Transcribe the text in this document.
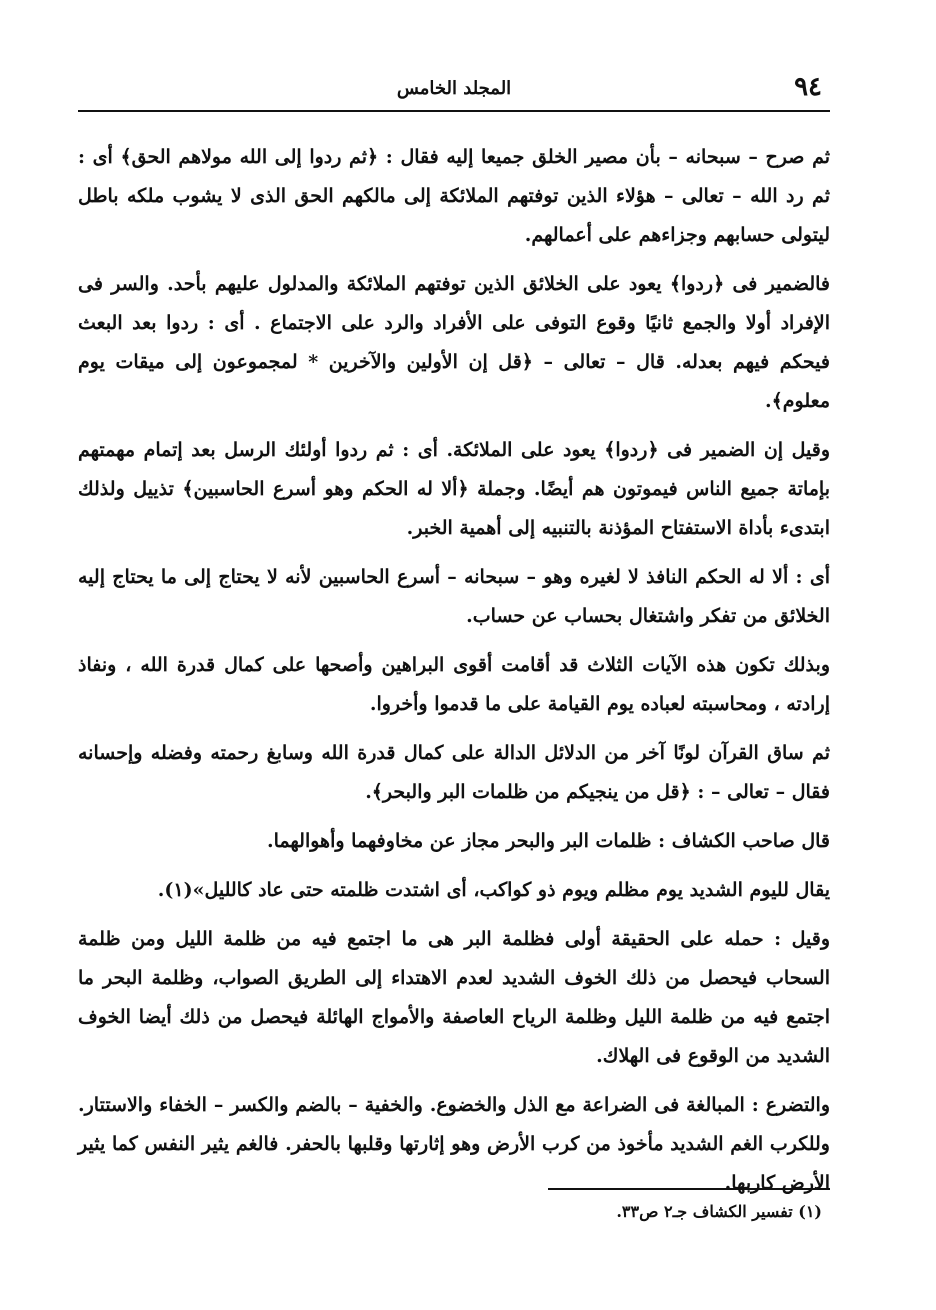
٩٤
المجلد الخامس

ثم صرح – سبحانه – بأن مصير الخلق جميعا إليه فقال : ﴿ثم ردوا إلى الله مولاهم الحق﴾ أى : ثم رد الله – تعالى – هؤلاء الذين توفتهم الملائكة إلى مالكهم الحق الذى لا يشوب ملكه باطل ليتولى حسابهم وجزاءهم على أعمالهم.

فالضمير فى ﴿ردوا﴾ يعود على الخلائق الذين توفتهم الملائكة والمدلول عليهم بأحد. والسر فى الإفراد أولا والجمع ثانيًا وقوع التوفى على الأفراد والرد على الاجتماع . أى : ردوا بعد البعث فيحكم فيهم بعدله. قال – تعالى – ﴿قل إن الأولين والآخرين * لمجموعون إلى ميقات يوم معلوم﴾.

وقيل إن الضمير فى ﴿ردوا﴾ يعود على الملائكة. أى : ثم ردوا أولئك الرسل بعد إتمام مهمتهم بإماتة جميع الناس فيموتون هم أيضًا. وجملة ﴿ألا له الحكم وهو أسرع الحاسبين﴾ تذييل ولذلك ابتدىء بأداة الاستفتاح المؤذنة بالتنبيه إلى أهمية الخبر.

أى : ألا له الحكم النافذ لا لغيره وهو – سبحانه – أسرع الحاسبين لأنه لا يحتاج إلى ما يحتاج إليه الخلائق من تفكر واشتغال بحساب عن حساب.

وبذلك تكون هذه الآيات الثلاث قد أقامت أقوى البراهين وأصحها على كمال قدرة الله ، ونفاذ إرادته ، ومحاسبته لعباده يوم القيامة على ما قدموا وأخروا.

ثم ساق القرآن لونًا آخر من الدلائل الدالة على كمال قدرة الله وسابغ رحمته وفضله وإحسانه فقال – تعالى – : ﴿قل من ينجيكم من ظلمات البر والبحر﴾.

قال صاحب الكشاف : ظلمات البر والبحر مجاز عن مخاوفهما وأهوالهما.

يقال لليوم الشديد يوم مظلم ويوم ذو كواكب، أى اشتدت ظلمته حتى عاد كالليل»(١).

وقيل : حمله على الحقيقة أولى فظلمة البر هى ما اجتمع فيه من ظلمة الليل ومن ظلمة السحاب فيحصل من ذلك الخوف الشديد لعدم الاهتداء إلى الطريق الصواب، وظلمة البحر ما اجتمع فيه من ظلمة الليل وظلمة الرياح العاصفة والأمواج الهائلة فيحصل من ذلك أيضا الخوف الشديد من الوقوع فى الهلاك.

والتضرع : المبالغة فى الضراعة مع الذل والخضوع. والخفية – بالضم والكسر – الخفاء والاستتار. وللكرب الغم الشديد مأخوذ من كرب الأرض وهو إثارتها وقلبها بالحفر. فالغم يثير النفس كما يثير الأرض كاربها.

(١) تفسير الكشاف جـ٢ ص٣٣.
